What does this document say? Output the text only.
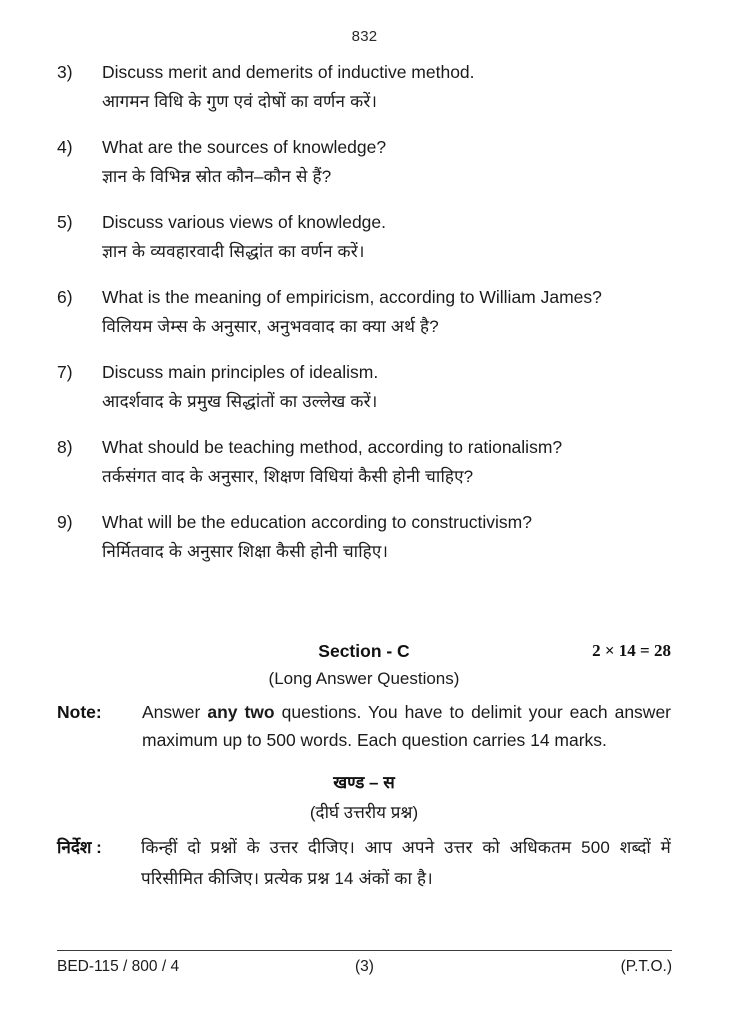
832
3)	Discuss merit and demerits of inductive method.

आगमन विधि के गुण एवं दोषों का वर्णन करें।

4)	What are the sources of knowledge?

ज्ञान के विभिन्न स्रोत कौन–कौन से हैं?

5)	Discuss various views of knowledge.

ज्ञान के व्यवहारवादी सिद्धांत का वर्णन करें।

6)	What is the meaning of empiricism, according to William James?

विलियम जेम्स के अनुसार, अनुभववाद का क्या अर्थ है?

7)	Discuss main principles of idealism.

आदर्शवाद के प्रमुख सिद्धांतों का उल्लेख करें।

8)	What should be teaching method, according to rationalism?

तर्कसंगत वाद के अनुसार, शिक्षण विधियां कैसी होनी चाहिए?

9)	What will be the education according to constructivism?

निर्मितवाद के अनुसार शिक्षा कैसी होनी चाहिए।

Section - C	2 × 14 = 28
(Long Answer Questions)
Note:	Answer any two questions. You have to delimit your each answer maximum up to 500 words. Each question carries 14 marks.
खण्ड – स
(दीर्घ उत्तरीय प्रश्न)
निर्देश :	किन्हीं दो प्रश्नों के उत्तर दीजिए। आप अपने उत्तर को अधिकतम 500 शब्दों में परिसीमित कीजिए। प्रत्येक प्रश्न 14 अंकों का है।
BED-115 / 800 / 4	(3)	(P.T.O.)
